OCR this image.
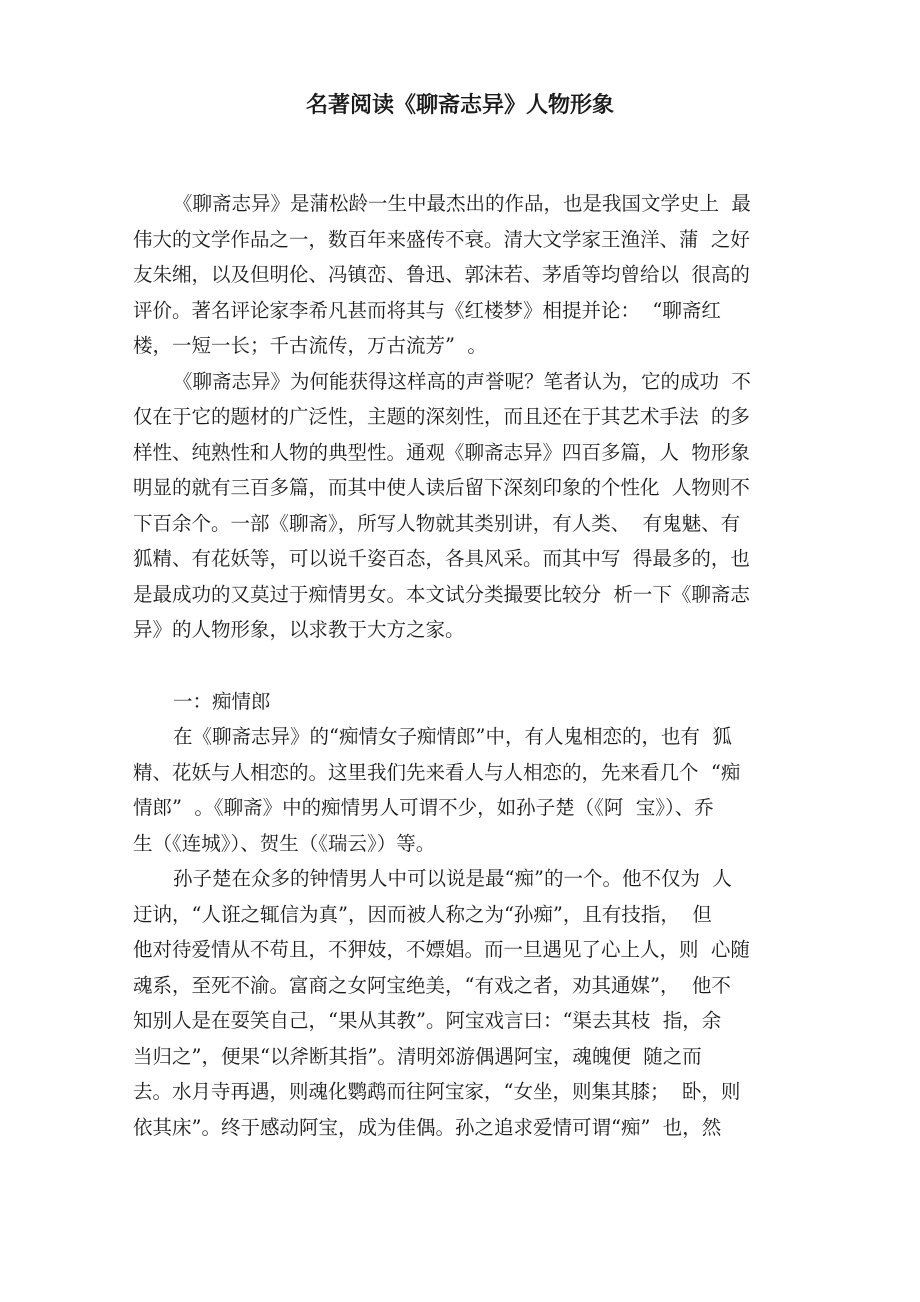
名著阅读《聊斋志异》人物形象
《聊斋志异》是蒲松龄一生中最杰出的作品，也是我国文学史上  最
伟大的文学作品之一，数百年来盛传不衰。清大文学家王渔洋、蒲  之好
友朱缃，以及但明伦、冯镇峦、鲁迅、郭沫若、茅盾等均曾给以  很高的
评价。著名评论家李希凡甚而将其与《红楼梦》相提并论：  “聊斋红
楼，一短一长；千古流传，万古流芳”  。
《聊斋志异》为何能获得这样高的声誉呢？笔者认为，它的成功  不
仅在于它的题材的广泛性，主题的深刻性，而且还在于其艺术手法  的多
样性、纯熟性和人物的典型性。通观《聊斋志异》四百多篇，人  物形象
明显的就有三百多篇，而其中使人读后留下深刻印象的个性化  人物则不
下百余个。一部《聊斋》，所写人物就其类别讲，有人类、  有鬼魅、有
狐精、有花妖等，可以说千姿百态，各具风采。而其中写  得最多的，也
是最成功的又莫过于痴情男女。本文试分类撮要比较分  析一下《聊斋志
异》的人物形象，以求教于大方之家。
一：痴情郎
在《聊斋志异》的“痴情女子痴情郎”中，有人鬼相恋的，也有  狐
精、花妖与人相恋的。这里我们先来看人与人相恋的，先来看几个  “痴
情郎”  。《聊斋》中的痴情男人可谓不少，如孙子楚（《阿  宝》）、乔
生（《连城》）、贺生（《瑞云》）等。
孙子楚在众多的钟情男人中可以说是最“痴”的一个。他不仅为  人
迂讷，“人诳之辄信为真”，因而被人称之为“孙痴”，且有技指，  但
他对待爱情从不苟且，不狎妓，不嫖娼。而一旦遇见了心上人，则  心随
魂系，至死不渝。富商之女阿宝绝美，“有戏之者，劝其通媒”，  他不
知别人是在耍笑自己，“果从其教”。阿宝戏言曰：“渠去其枝  指，余
当归之”，便果“以斧断其指”。清明郊游偶遇阿宝，魂魄便  随之而
去。水月寺再遇，则魂化鹦鹉而往阿宝家，“女坐，则集其膝；  卧，则
依其床”。终于感动阿宝，成为佳偶。孙之追求爱情可谓“痴”  也，然
